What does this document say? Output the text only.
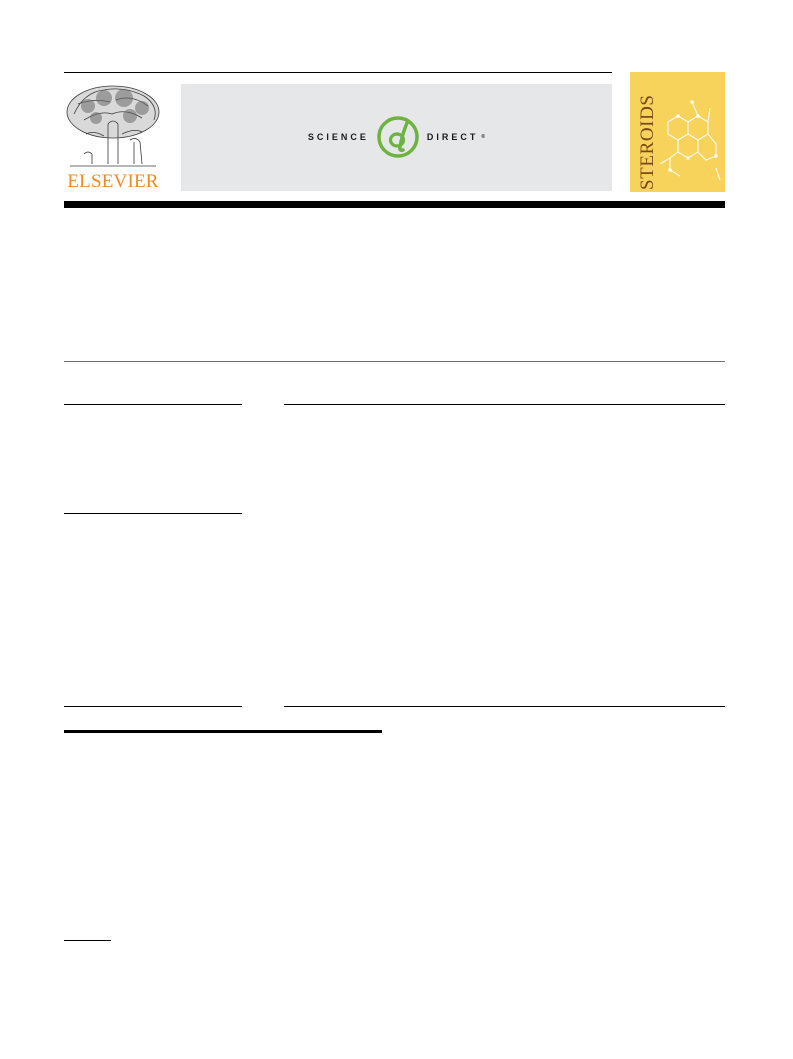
ELSEVIER
SCIENCE	DIRECT ®	STEROIDS
